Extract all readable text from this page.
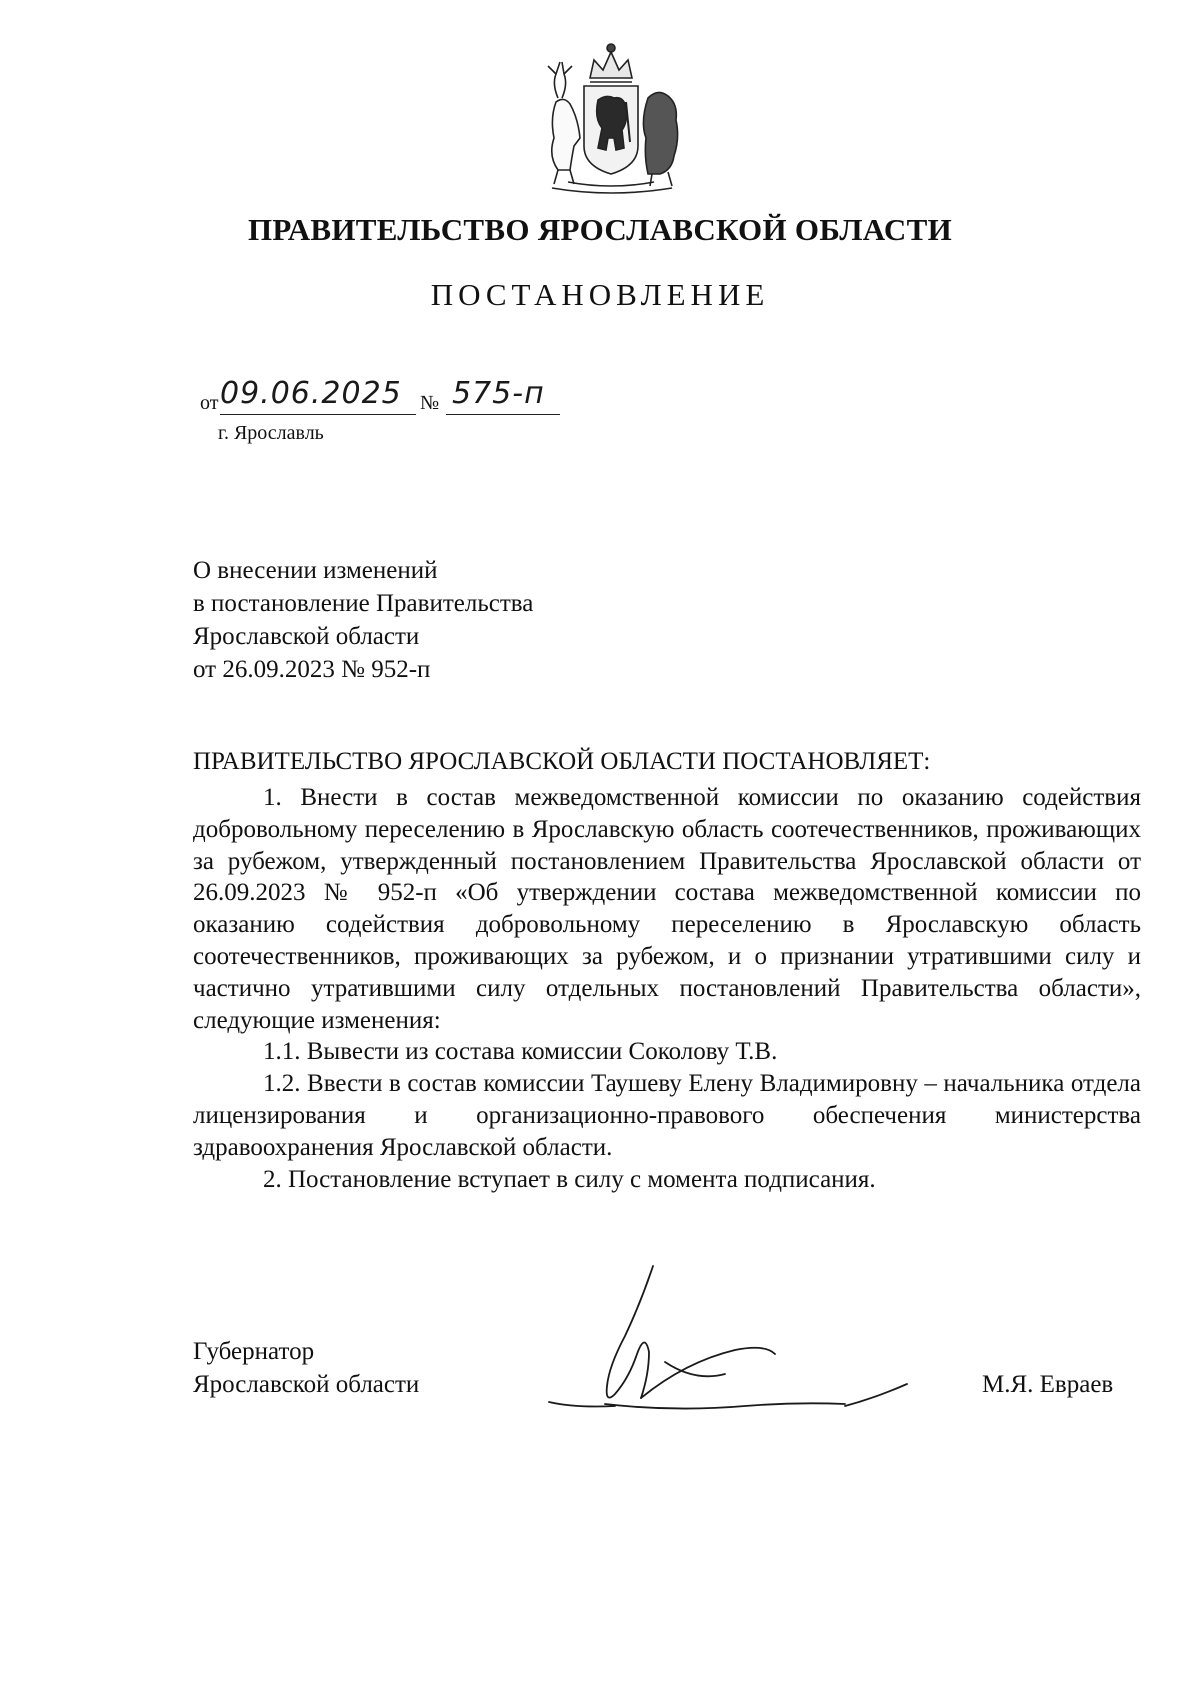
ПРАВИТЕЛЬСТВО ЯРОСЛАВСКОЙ ОБЛАСТИ
ПОСТАНОВЛЕНИЕ
от 09.06.2025 № 575-п
г. Ярославль
О внесении изменений
в постановление Правительства
Ярославской области
от 26.09.2023 № 952-п
ПРАВИТЕЛЬСТВО ЯРОСЛАВСКОЙ ОБЛАСТИ ПОСТАНОВЛЯЕТ:

1. Внести в состав межведомственной комиссии по оказанию содействия добровольному переселению в Ярославскую область соотечественников, проживающих за рубежом, утвержденный постановлением Правительства Ярославской области от 26.09.2023 № 952-п «Об утверждении состава межведомственной комиссии по оказанию содействия добровольному переселению в Ярославскую область соотечественников, проживающих за рубежом, и о признании утратившими силу и частично утратившими силу отдельных постановлений Правительства области», следующие изменения:

1.1. Вывести из состава комиссии Соколову Т.В.

1.2. Ввести в состав комиссии Таушеву Елену Владимировну – начальника отдела лицензирования и организационно-правового обеспечения министерства здравоохранения Ярославской области.

2. Постановление вступает в силу с момента подписания.

Губернатор
Ярославской области	М.Я. Евраев
